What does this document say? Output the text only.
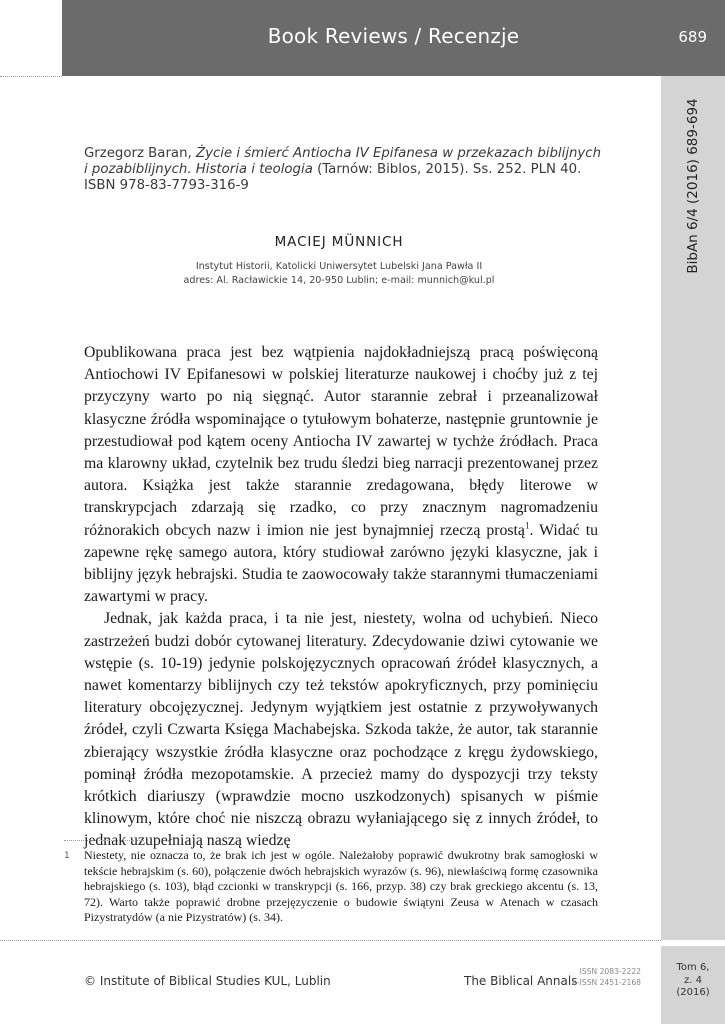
Book Reviews / Recenzje	689
BibAn 6/4 (2016) 689-694
Grzegorz Baran, Życie i śmierć Antiocha IV Epifanesa w przekazach biblijnych i pozabiblijnych. Historia i teologia (Tarnów: Biblos, 2015). Ss. 252. PLN 40.
ISBN 978-83-7793-316-9
MACIEJ MÜNNICH
Instytut Historii, Katolicki Uniwersytet Lubelski Jana Pawła II
adres: Al. Racławickie 14, 20-950 Lublin; e-mail: munnich@kul.pl

Opublikowana praca jest bez wątpienia najdokładniejszą pracą poświęconą Antiochowi IV Epifanesowi w polskiej literaturze naukowej i choćby już z tej przyczyny warto po nią sięgnąć. Autor starannie zebrał i przeanalizował klasyczne źródła wspominające o tytułowym bohaterze, następnie gruntownie je przestudiował pod kątem oceny Antiocha IV zawartej w tychże źródłach. Praca ma klarowny układ, czytelnik bez trudu śledzi bieg narracji prezentowanej przez autora. Książka jest także starannie zredagowana, błędy literowe w transkrypcjach zdarzają się rzadko, co przy znacznym nagromadzeniu różnorakich obcych nazw i imion nie jest bynajmniej rzeczą prostą$^1$. Widać tu zapewne rękę samego autora, który studiował zarówno języki klasyczne, jak i biblijny język hebrajski. Studia te zaowocowały także starannymi tłumaczeniami zawartymi w pracy.

Jednak, jak każda praca, i ta nie jest, niestety, wolna od uchybień. Nieco zastrzeżeń budzi dobór cytowanej literatury. Zdecydowanie dziwi cytowanie we wstępie (s. 10-19) jedynie polskojęzycznych opracowań źródeł klasycznych, a nawet komentarzy biblijnych czy też tekstów apokryficznych, przy pominięciu literatury obcojęzycznej. Jedynym wyjątkiem jest ostatnie z przywoływanych źródeł, czyli Czwarta Księga Machabejska. Szkoda także, że autor, tak starannie zbierający wszystkie źródła klasyczne oraz pochodzące z kręgu żydowskiego, pominął źródła mezopotamskie. A przecież mamy do dyspozycji trzy teksty krótkich diariuszy (wprawdzie mocno uszkodzonych) spisanych w piśmie klinowym, które choć nie niszczą obrazu wyłaniającego się z innych źródeł, to jednak uzupełniają naszą wiedzę

1 Niestety, nie oznacza to, że brak ich jest w ogóle. Należałoby poprawić dwukrotny brak samogłoski w tekście hebrajskim (s. 60), połączenie dwóch hebrajskich wyrazów (s. 96), niewłaściwą formę czasownika hebrajskiego (s. 103), błąd czcionki w transkrypcji (s. 166, przyp. 38) czy brak greckiego akcentu (s. 13, 72). Warto także poprawić drobne przejęzyczenie o budowie świątyni Zeusa w Atenach w czasach Pizystratydów (a nie Pizystratów) (s. 34).
© Institute of Biblical Studies KUL, Lublin	The Biblical Annals
ISSN 2083-2222
e-ISSN 2451-2168
Tom 6,
z. 4
(2016)
